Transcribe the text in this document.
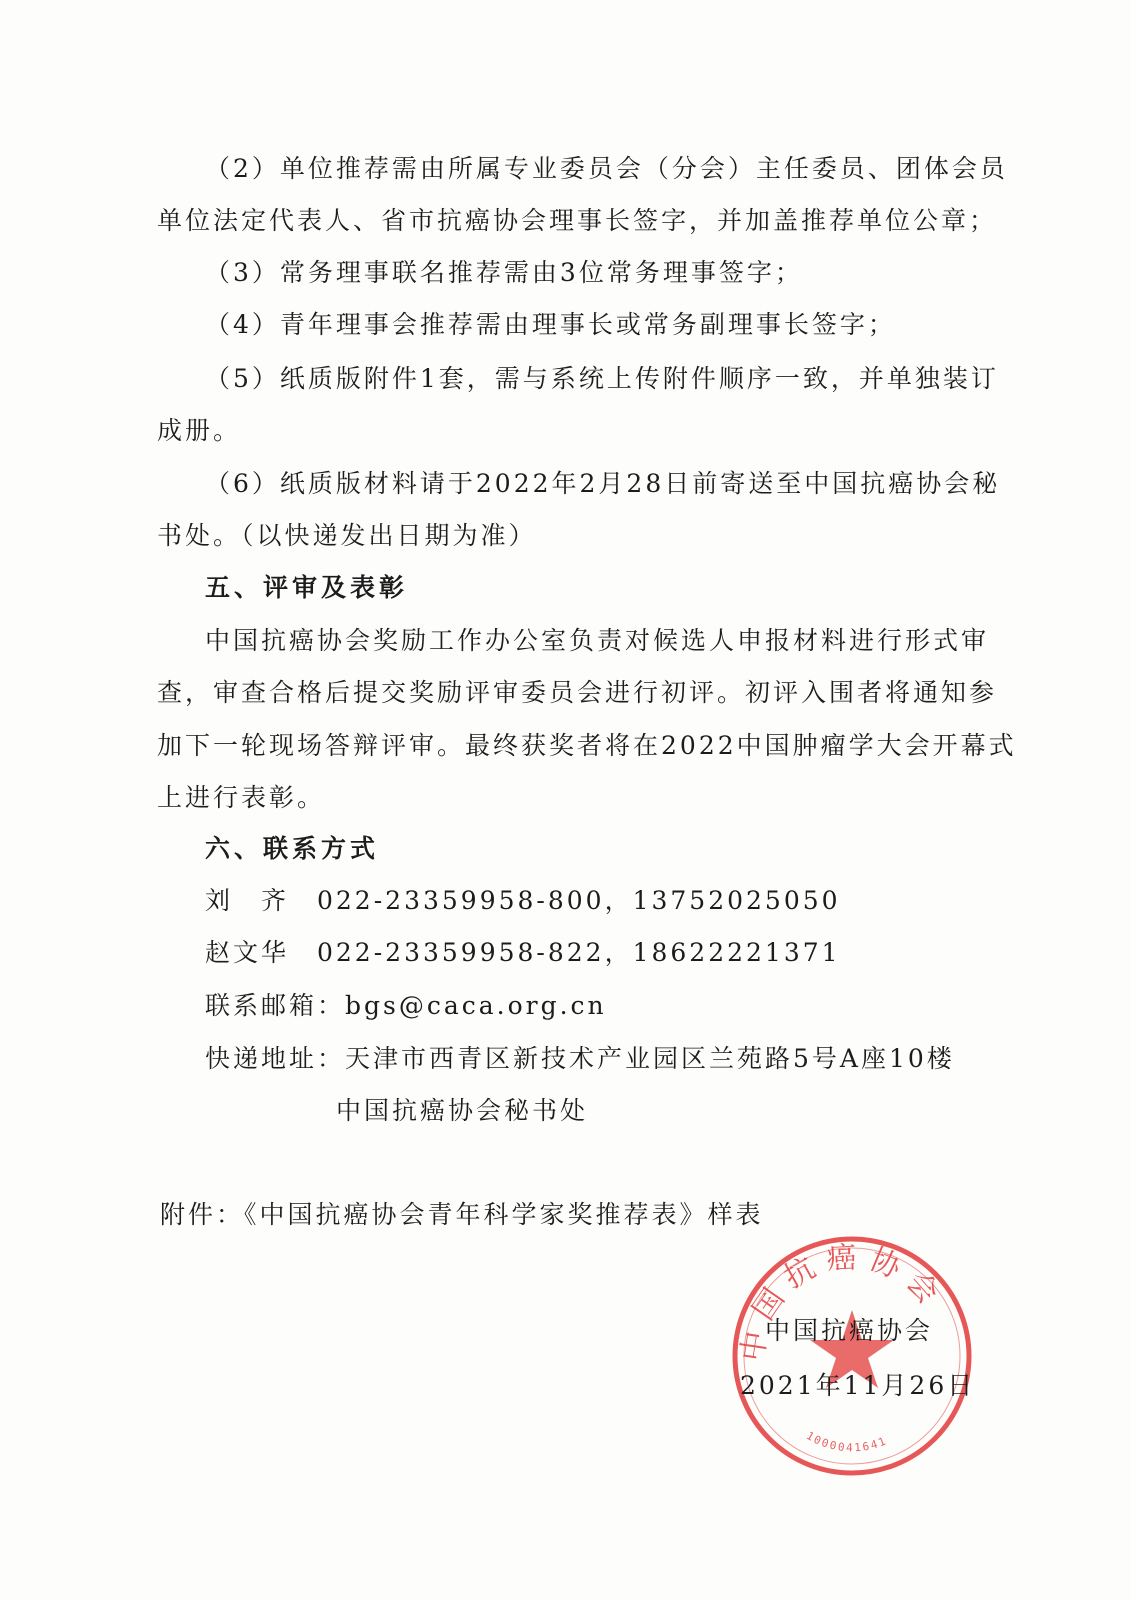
（2）单位推荐需由所属专业委员会（分会）主任委员、团体会员
单位法定代表人、省市抗癌协会理事长签字，并加盖推荐单位公章；
（3）常务理事联名推荐需由3位常务理事签字；
（4）青年理事会推荐需由理事长或常务副理事长签字；
（5）纸质版附件1套，需与系统上传附件顺序一致，并单独装订
成册。
（6）纸质版材料请于2022年2月28日前寄送至中国抗癌协会秘
书处。（以快递发出日期为准）
五、评审及表彰
中国抗癌协会奖励工作办公室负责对候选人申报材料进行形式审
查，审查合格后提交奖励评审委员会进行初评。初评入围者将通知参
加下一轮现场答辩评审。最终获奖者将在2022中国肿瘤学大会开幕式
上进行表彰。
六、联系方式
刘　齐　022-23359958-800，13752025050
赵文华　022-23359958-822，18622221371
联系邮箱：bgs@caca.org.cn
快递地址：天津市西青区新技术产业园区兰苑路5号A座10楼
中国抗癌协会秘书处
附件：《中国抗癌协会青年科学家奖推荐表》样表
中国抗癌协会
1000041641
中国抗癌协会
2021年11月26日
